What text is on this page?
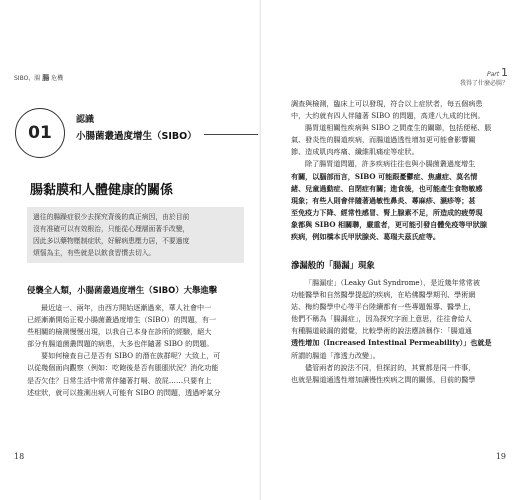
SIBO，腸 腸 危機
01
認識
小腸菌叢過度增生（SIBO）
腸黏膜和人體健康的關係
過往的腸躁症很少去探究背後的真正病因，由於目前
沒有准確可以有效根治，只能從心理層面著手改變，
因此多以藥物壓制症狀，好解病患壓力居，不要過度
煩惱為主，有些就是以飲食習慣去切入。
侵襲全人類，小腸菌叢過度增生（SIBO）大舉進擊
最近這一、兩年，由西方開始逐漸過來，華人社會中一
已經漸漸開始正視小腸菌叢過度增生（SIBO）的問題，有一
些相關的檢測慢慢出現，以我自己本身在診所的經驗，絕大
部分有腸道菌叢問題的病患，大多也伴隨著 SIBO 的問題。
要如何檢查自己是否有 SIBO 的潛在族群呢？大致上，可
以從幾個面向觀察（例如：吃飽後是否有脹脹狀況？消化功能
是否欠佳？日常生活中常常伴隨著打嗝、放屁……只要有上
述症狀，就可以推測出病人可能有 SIBO 的問題，透過呼氣分
18
Part 1
我得了什麼必腸？
調查與檢測，臨床上可以發現，符合以上症狀者，每五個病患
中，大約就有四人伴隨著 SIBO 的問題，高達八九成的比例。
腸胃道相關性疾病與 SIBO 之間產生的關聯，包括便秘、脹
氣、發炎性的腸道疾病，而腸道過透性增加更可能會影響關
節、造成肌肉疼痛、纖維肌痛症等症狀。
除了腸胃道問題，許多疾病往往也與小腸菌叢過度增生
有關，以腦部而言，SIBO 可能跟憂鬱症、焦慮症、莫名情
緒、兒童過動症、自閉症有關；進食後，也可能產生食物敏感
現象；有些人則會伴隨著過敏性鼻炎、蕁麻疹、濕疹等；甚
至免疫力下降、經常性感冒、腎上腺素不足，所造成的疲勞現
象都與 SIBO 相關聯，嚴重者，更可能引發自體免疫等甲狀腺
疾病，例如橋本氏甲狀腺炎、葛瑞夫茲氏症等。
滲漏般的「腸漏」現象
「腸漏症」（Leaky Gut Syndrome），是近幾年常常被
功能醫學和自然醫學提起的疾病，在哈佛醫學期刊、學術網
站、梅約醫學中心等平台陸續都有一些專題報導、醫學上，
他們不稱為「腸漏症」，因為探究字面上意思，往往會給人
有種腸道破漏的錯覺，比較學術的說法應該稱作：「腸道通
透性增加（Increased Intestinal Permeability）」也就是
所謂的腸道「滲透力改變」。
儘管兩者的說法不同，但探討的，其實都是同一件事，
也就是腸道通透性增加讓慢性疾病之間的關係，目前的醫學
19
